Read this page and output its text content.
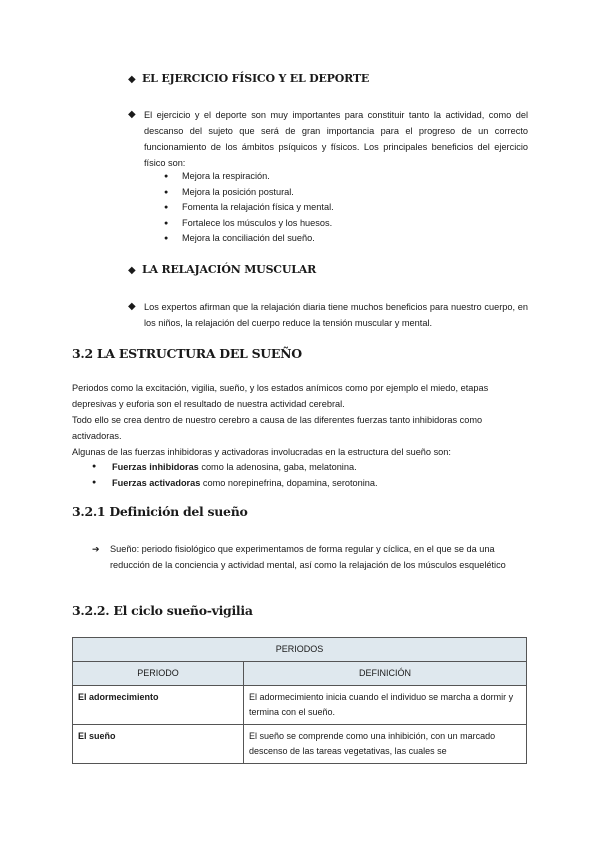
◆ EL EJERCICIO FÍSICO Y EL DEPORTE
◆ El ejercicio y el deporte son muy importantes para constituir tanto la actividad, como del descanso del sujeto que será de gran importancia para el progreso de un correcto funcionamiento de los ámbitos psíquicos y físicos. Los principales beneficios del ejercicio físico son:
● Mejora la respiración.
● Mejora la posición postural.
● Fomenta la relajación física y mental.
● Fortalece los músculos y los huesos.
● Mejora la conciliación del sueño.
◆ LA RELAJACIÓN MUSCULAR
◆ Los expertos afirman que la relajación diaria tiene muchos beneficios para nuestro cuerpo, en los niños, la relajación del cuerpo reduce la tensión muscular y mental.
3.2 LA ESTRUCTURA DEL SUEÑO
Periodos como la excitación, vigilia, sueño, y los estados anímicos como por ejemplo el miedo, etapas depresivas y euforia son el resultado de nuestra actividad cerebral.
Todo ello se crea dentro de nuestro cerebro a causa de las diferentes fuerzas tanto inhibidoras como activadoras.
Algunas de las fuerzas inhibidoras y activadoras involucradas en la estructura del sueño son:
● Fuerzas inhibidoras como la adenosina, gaba, melatonina.
● Fuerzas activadoras como norepinefrina, dopamina, serotonina.
3.2.1 Definición del sueño
➔ Sueño: periodo fisiológico que experimentamos de forma regular y cíclica, en el que se da una reducción de la conciencia y actividad mental, así como la relajación de los músculos esquelético
3.2.2. El ciclo sueño-vigilia
PERIODOS	
PERIODO	DEFINICIÓN
El adormecimiento	El adormecimiento inicia cuando el individuo se marcha a dormir y termina con el sueño.
El sueño	El sueño se comprende como una inhibición, con un marcado descenso de las tareas vegetativas, las cuales se
